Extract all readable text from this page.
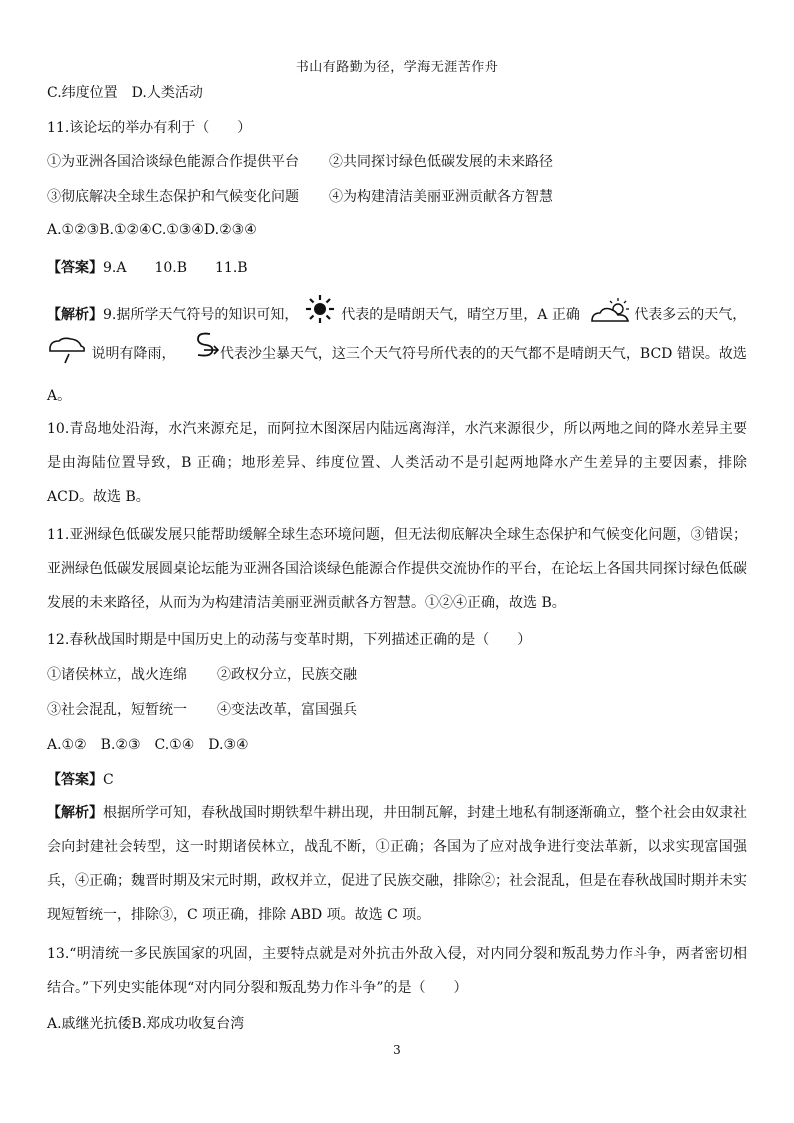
书山有路勤为径，学海无涯苦作舟
C.纬度位置　D.人类活动
11.该论坛的举办有利于（　　）
①为亚洲各国洽谈绿色能源合作提供平台 ②共同探讨绿色低碳发展的未来路径
③彻底解决全球生态保护和气候变化问题 ④为构建清洁美丽亚洲贡献各方智慧
A.①②③B.①②④C.①③④D.②③④
【答案】9.A　　10.B　　11.B
【解析】9.据所学天气符号的知识可知，	代表的是晴朗天气，晴空万里，A 正确	代表多云的天气，
说明有降雨，	代表沙尘暴天气，这三个天气符号所代表的的天气都不是晴朗天气，BCD 错误。故选
A。
10.青岛地处沿海，水汽来源充足，而阿拉木图深居内陆远离海洋，水汽来源很少，所以两地之间的降水差异主要是由海陆位置导致，B 正确；地形差异、纬度位置、人类活动不是引起两地降水产生差异的主要因素，排除 ACD。故选 B。
11.亚洲绿色低碳发展只能帮助缓解全球生态环境问题，但无法彻底解决全球生态保护和气候变化问题，③错误；亚洲绿色低碳发展圆桌论坛能为亚洲各国洽谈绿色能源合作提供交流协作的平台，在论坛上各国共同探讨绿色低碳发展的未来路径，从而为为构建清洁美丽亚洲贡献各方智慧。①②④正确，故选 B。
12.春秋战国时期是中国历史上的动荡与变革时期，下列描述正确的是（　　）
①诸侯林立，战火连绵 ②政权分立，民族交融
③社会混乱，短暂统一 ④变法改革，富国强兵
A.①②　B.②③　C.①④　D.③④
【答案】C
【解析】根据所学可知，春秋战国时期铁犁牛耕出现，井田制瓦解，封建土地私有制逐渐确立，整个社会由奴隶社会向封建社会转型，这一时期诸侯林立，战乱不断，①正确；各国为了应对战争进行变法革新，以求实现富国强兵，④正确；魏晋时期及宋元时期，政权并立，促进了民族交融，排除②；社会混乱，但是在春秋战国时期并未实现短暂统一，排除③，C 项正确，排除 ABD 项。故选 C 项。
13.“明清统一多民族国家的巩固，主要特点就是对外抗击外敌入侵，对内同分裂和叛乱势力作斗争，两者密切相结合。”下列史实能体现“对内同分裂和叛乱势力作斗争”的是（　　）
A.戚继光抗倭B.郑成功收复台湾
3
